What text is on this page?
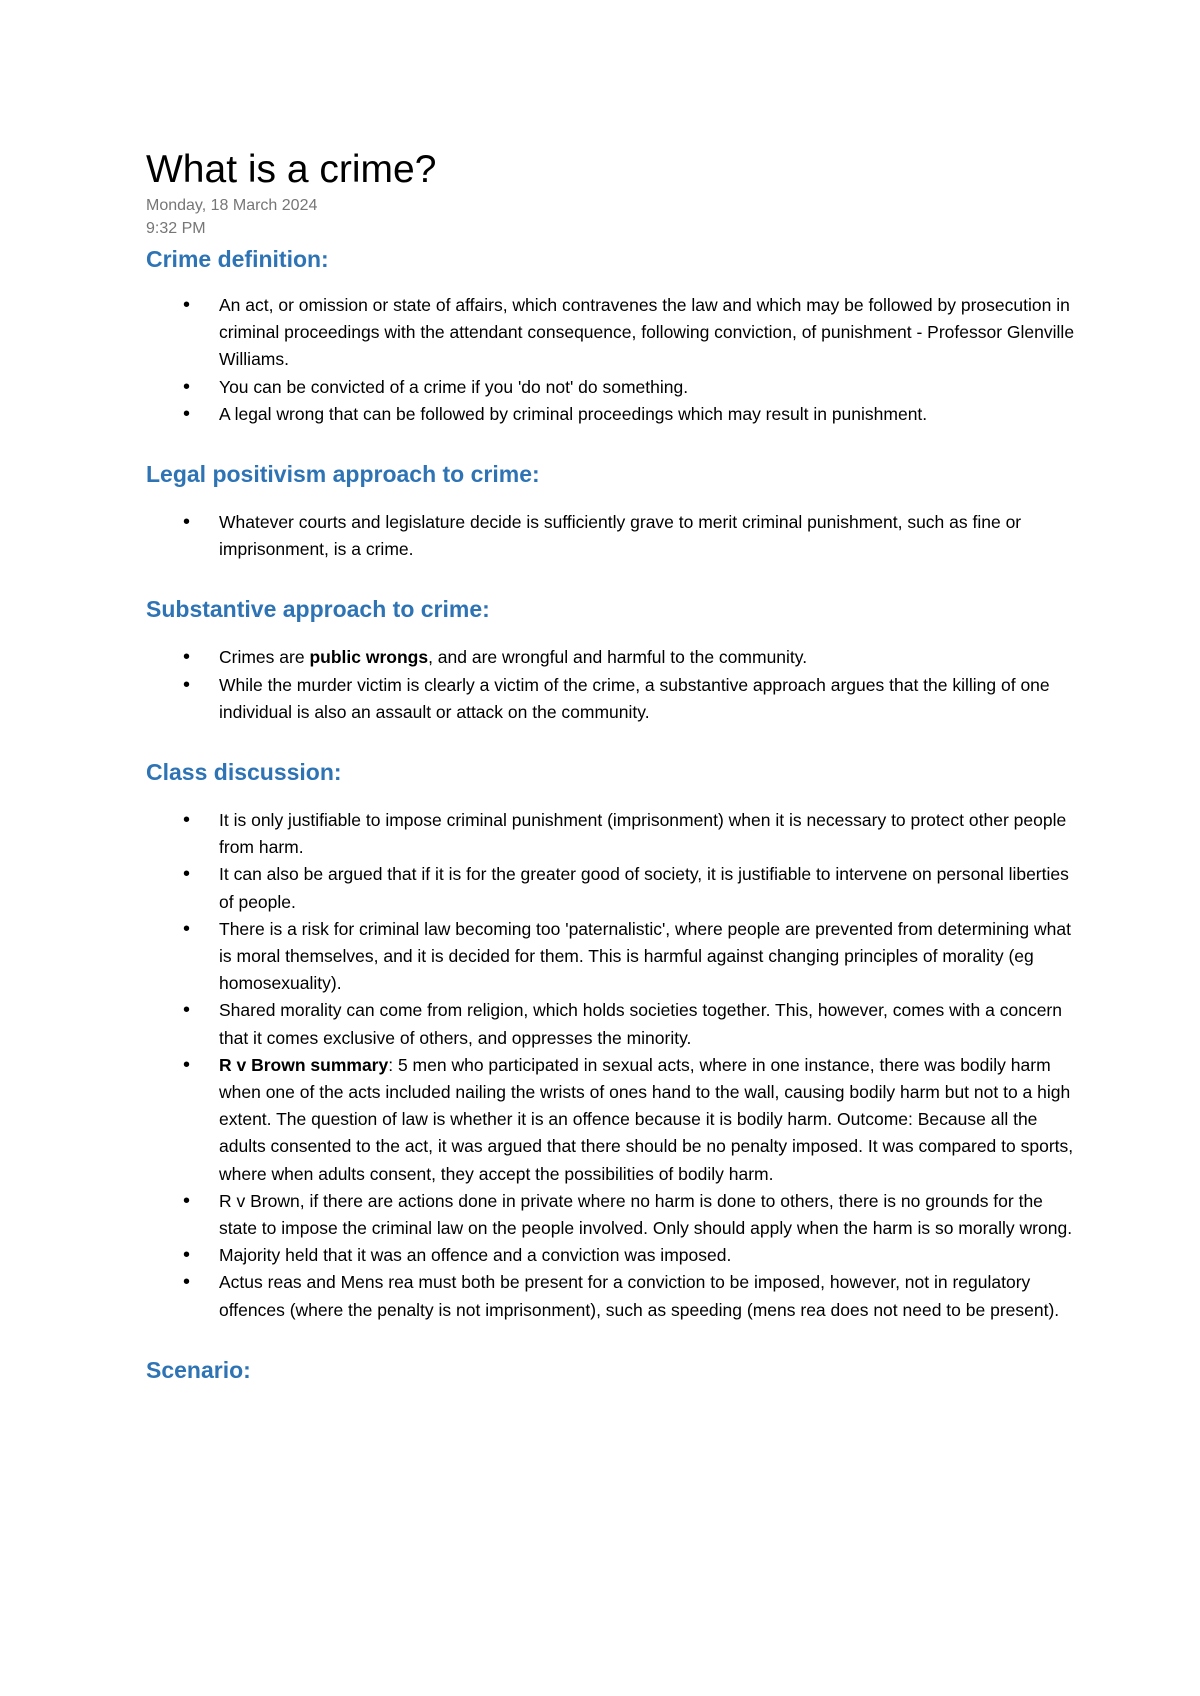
What is a crime?
Monday, 18 March 2024
9:32 PM
Crime definition:
• An act, or omission or state of affairs, which contravenes the law and which may be followed by prosecution in criminal proceedings with the attendant consequence, following conviction, of punishment - Professor Glenville Williams.
• You can be convicted of a crime if you 'do not' do something.
• A legal wrong that can be followed by criminal proceedings which may result in punishment.
Legal positivism approach to crime:
• Whatever courts and legislature decide is sufficiently grave to merit criminal punishment, such as fine or imprisonment, is a crime.
Substantive approach to crime:
• Crimes are public wrongs, and are wrongful and harmful to the community.
• While the murder victim is clearly a victim of the crime, a substantive approach argues that the killing of one individual is also an assault or attack on the community.
Class discussion:
• It is only justifiable to impose criminal punishment (imprisonment) when it is necessary to protect other people from harm.
• It can also be argued that if it is for the greater good of society, it is justifiable to intervene on personal liberties of people.
• There is a risk for criminal law becoming too 'paternalistic', where people are prevented from determining what is moral themselves, and it is decided for them. This is harmful against changing principles of morality (eg homosexuality).
• Shared morality can come from religion, which holds societies together. This, however, comes with a concern that it comes exclusive of others, and oppresses the minority.
• R v Brown summary: 5 men who participated in sexual acts, where in one instance, there was bodily harm when one of the acts included nailing the wrists of ones hand to the wall, causing bodily harm but not to a high extent. The question of law is whether it is an offence because it is bodily harm. Outcome: Because all the adults consented to the act, it was argued that there should be no penalty imposed. It was compared to sports, where when adults consent, they accept the possibilities of bodily harm.
• R v Brown, if there are actions done in private where no harm is done to others, there is no grounds for the state to impose the criminal law on the people involved. Only should apply when the harm is so morally wrong.
• Majority held that it was an offence and a conviction was imposed.
• Actus reas and Mens rea must both be present for a conviction to be imposed, however, not in regulatory offences (where the penalty is not imprisonment), such as speeding (mens rea does not need to be present).
Scenario:
